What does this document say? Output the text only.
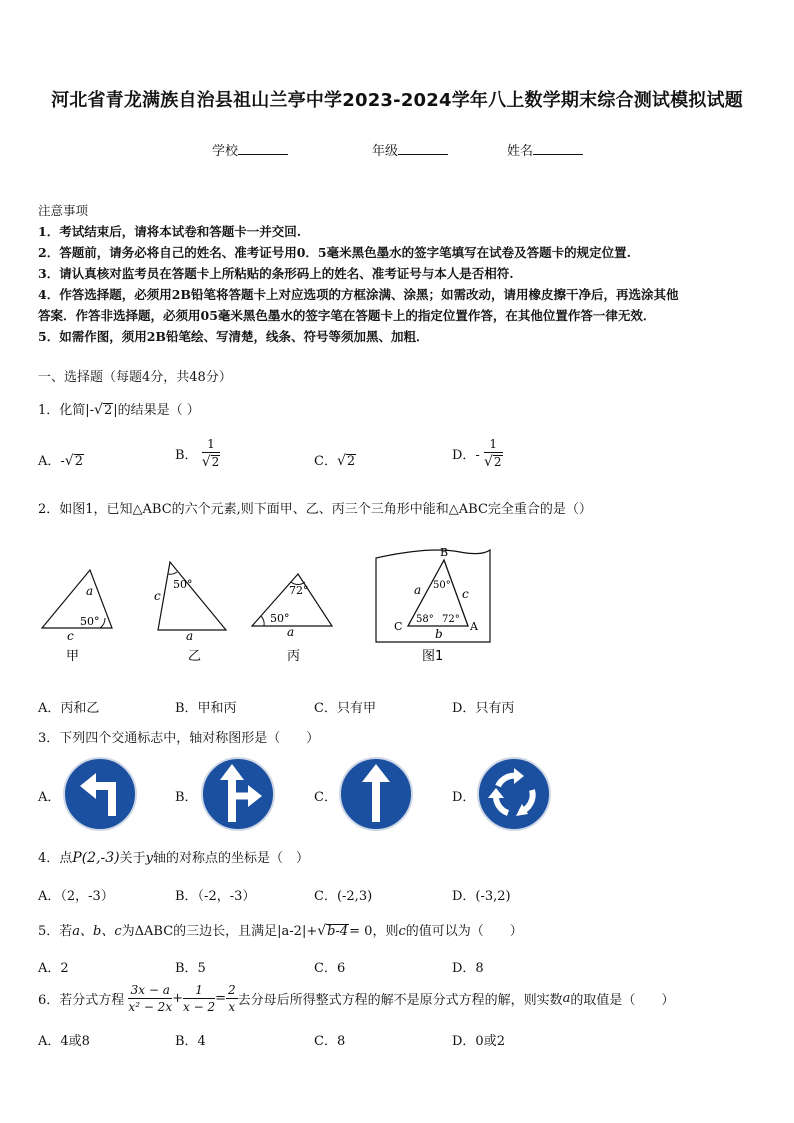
河北省青龙满族自治县祖山兰亭中学2023-2024学年八上数学期末综合测试模拟试题
学校	年级	姓名
注意事项
1．考试结束后，请将本试卷和答题卡一并交回.
2．答题前，请务必将自己的姓名、准考证号用0．5毫米黑色墨水的签字笔填写在试卷及答题卡的规定位置.
3．请认真核对监考员在答题卡上所粘贴的条形码上的姓名、准考证号与本人是否相符.
4．作答选择题，必须用2B铅笔将答题卡上对应选项的方框涂满、涂黑；如需改动，请用橡皮擦干净后，再选涂其他
答案．作答非选择题，必须用05毫米黑色墨水的签字笔在答题卡上的指定位置作答，在其他位置作答一律无效．
5．如需作图，须用2B铅笔绘、写清楚，线条、符号等须加黑、加粗．
一、选择题（每题4分，共48分）
1．化简|-√2|的结果是（ ）
A．-√2	B． $\frac{1}{√2}$	C．√2	D．- $\frac{1}{√2}$
2．如图1，已知△ABC的六个元素,则下面甲、乙、丙三个三角形中能和△ABC完全重合的是（）
a
c
50°
甲
50°
c
a
乙
72°
50°
a
丙
B
C	A
a	c
b
50°
58° 72°
图1
A．丙和乙	B．甲和丙	C．只有甲	D．只有丙
3．下列四个交通标志中，轴对称图形是（　　）
A．	B．	C．	D．
4．点P(2,-3)关于y轴的对称点的坐标是（　）
A．（2，-3）	B．（-2，-3）	C．(-2,3)	D．(-3,2)
5．若a、b、c为ΔABC的三边长，且满足|a-2|+√b-4= 0，则c的值可以为（　　）
A．2	B．5	C．6	D．8
6．若分式方程 $\frac{3x - a}{\text{x² − 2x}} + \frac{1}{x - 2} = \frac{2}{x}$ 去分母后所得整式方程的解不是原分式方程的解，则实数a的取值是（　　）
A．4或8	B．4	C．8	D．0或2
